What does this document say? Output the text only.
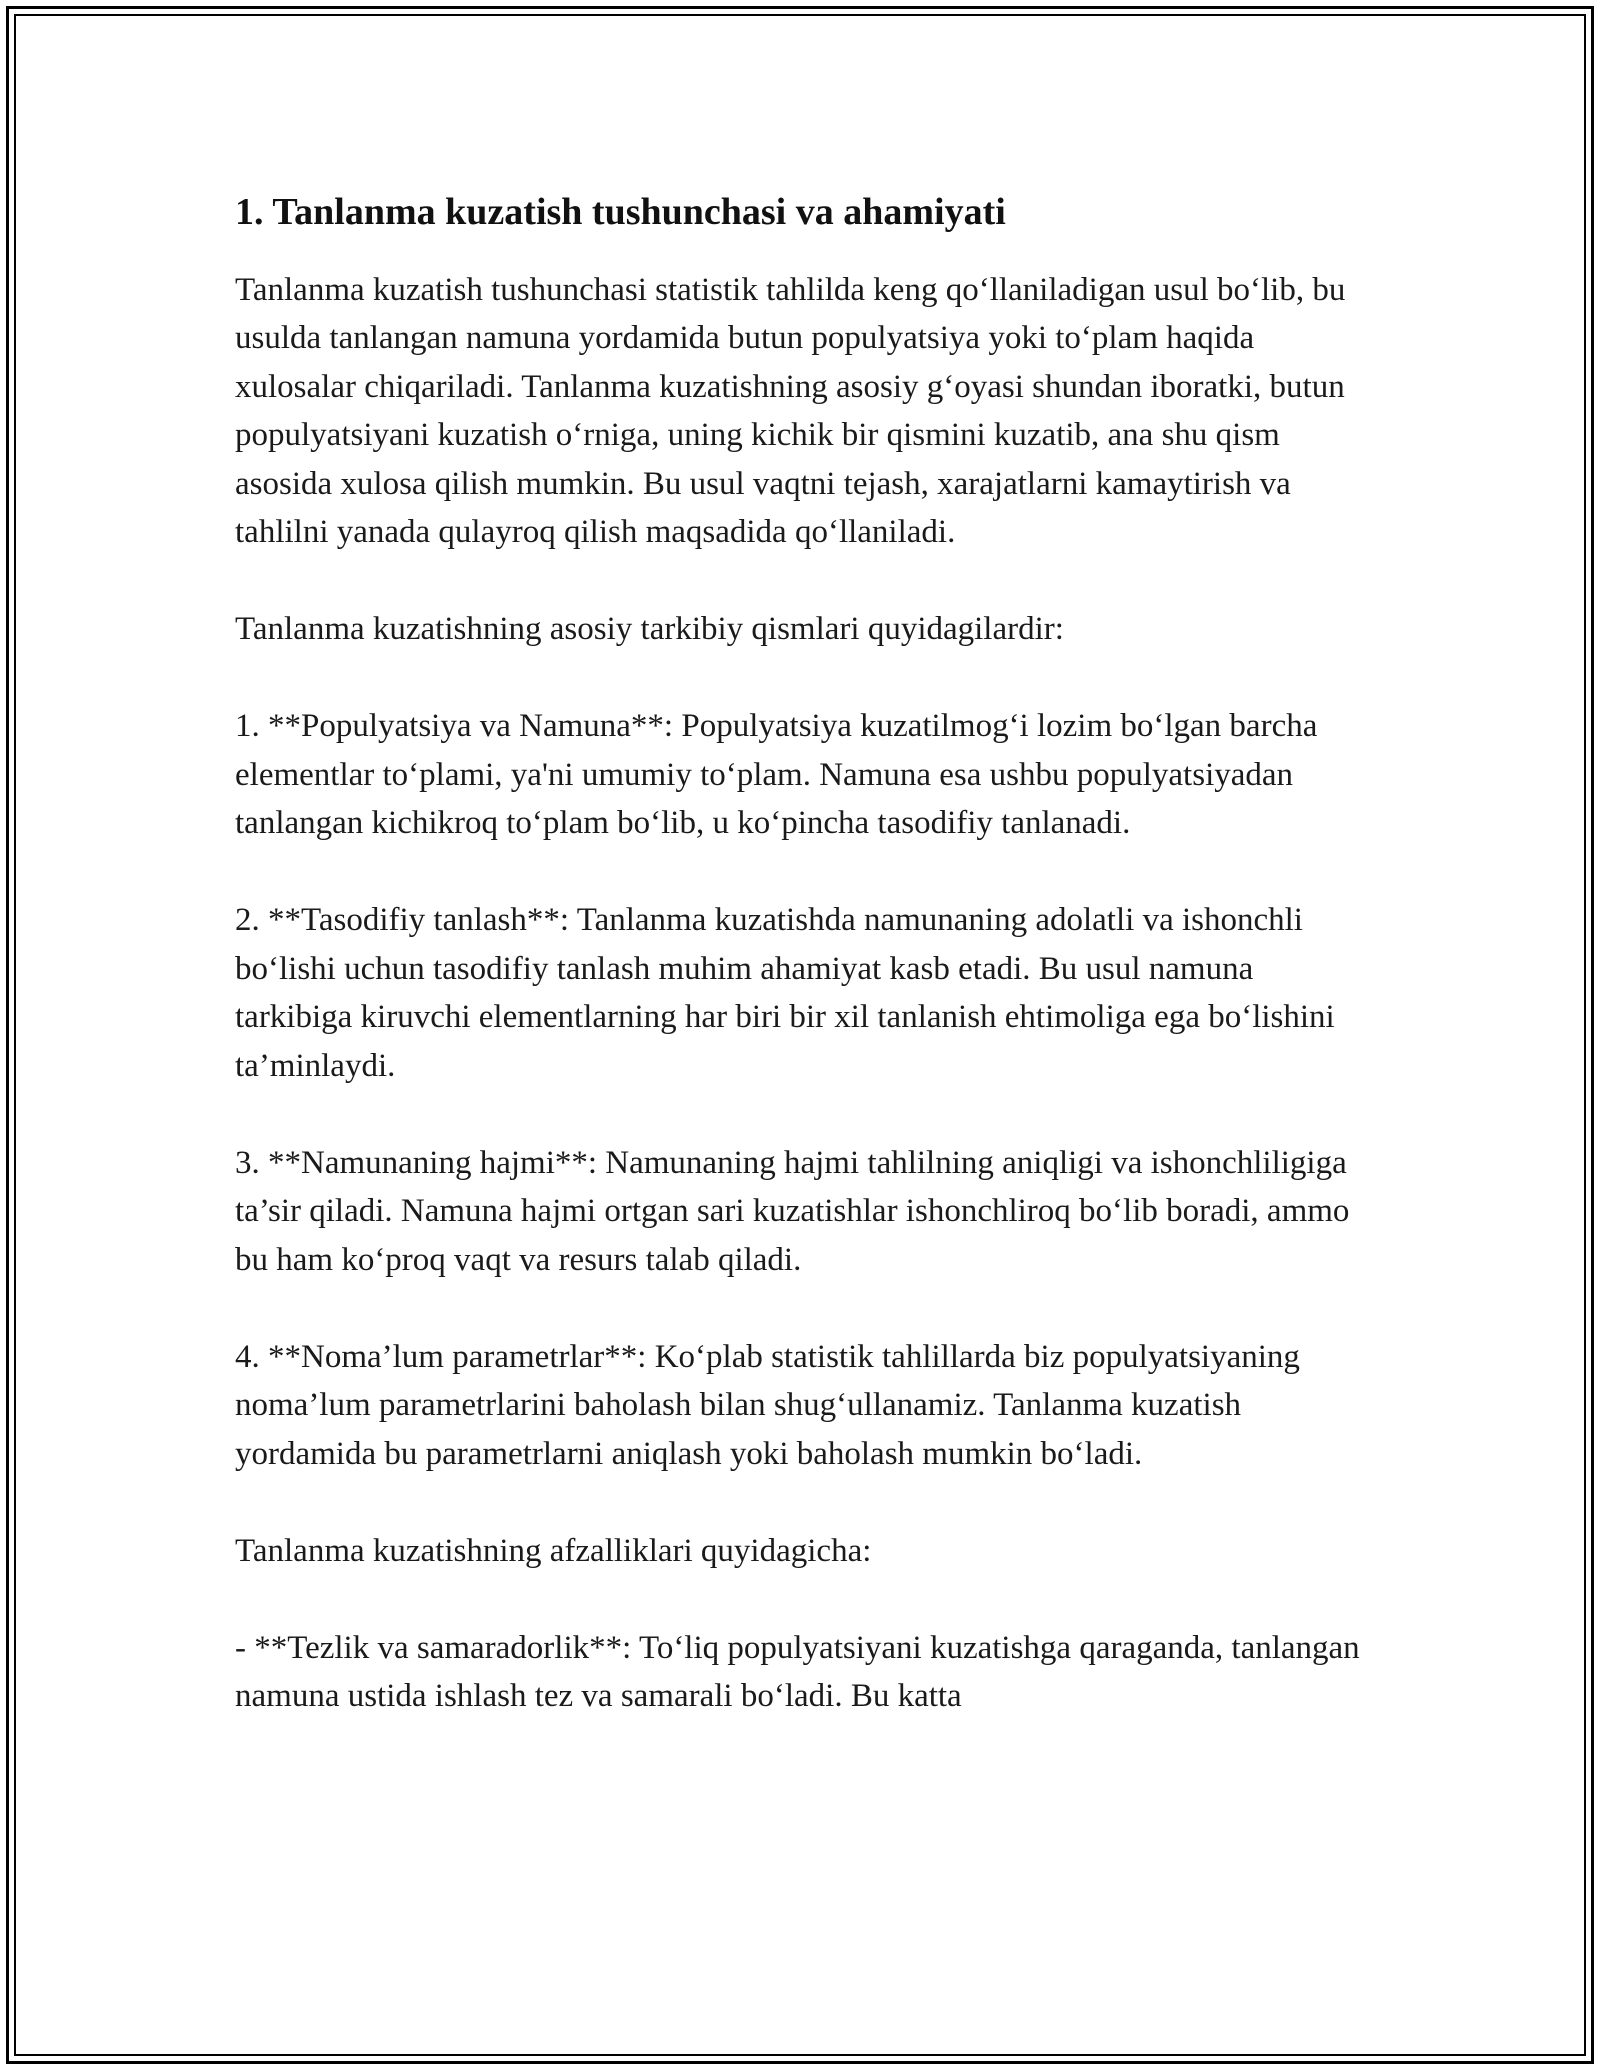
1. Tanlanma kuzatish tushunchasi va ahamiyati

Tanlanma kuzatish tushunchasi statistik tahlilda keng qo‘llaniladigan usul bo‘lib, bu usulda tanlangan namuna yordamida butun populyatsiya yoki to‘plam haqida xulosalar chiqariladi. Tanlanma kuzatishning asosiy g‘oyasi shundan iboratki, butun populyatsiyani kuzatish o‘rniga, uning kichik bir qismini kuzatib, ana shu qism asosida xulosa qilish mumkin. Bu usul vaqtni tejash, xarajatlarni kamaytirish va tahlilni yanada qulayroq qilish maqsadida qo‘llaniladi.

Tanlanma kuzatishning asosiy tarkibiy qismlari quyidagilardir:

1. **Populyatsiya va Namuna**: Populyatsiya kuzatilmog‘i lozim bo‘lgan barcha elementlar to‘plami, ya'ni umumiy to‘plam. Namuna esa ushbu populyatsiyadan tanlangan kichikroq to‘plam bo‘lib, u ko‘pincha tasodifiy tanlanadi.

2. **Tasodifiy tanlash**: Tanlanma kuzatishda namunaning adolatli va ishonchli bo‘lishi uchun tasodifiy tanlash muhim ahamiyat kasb etadi. Bu usul namuna tarkibiga kiruvchi elementlarning har biri bir xil tanlanish ehtimoliga ega bo‘lishini ta’minlaydi.

3. **Namunaning hajmi**: Namunaning hajmi tahlilning aniqligi va ishonchliligiga ta’sir qiladi. Namuna hajmi ortgan sari kuzatishlar ishonchliroq bo‘lib boradi, ammo bu ham ko‘proq vaqt va resurs talab qiladi.

4. **Noma’lum parametrlar**: Ko‘plab statistik tahlillarda biz populyatsiyaning noma’lum parametrlarini baholash bilan shug‘ullanamiz. Tanlanma kuzatish yordamida bu parametrlarni aniqlash yoki baholash mumkin bo‘ladi.

Tanlanma kuzatishning afzalliklari quyidagicha:

- **Tezlik va samaradorlik**: To‘liq populyatsiyani kuzatishga qaraganda, tanlangan namuna ustida ishlash tez va samarali bo‘ladi. Bu katta
